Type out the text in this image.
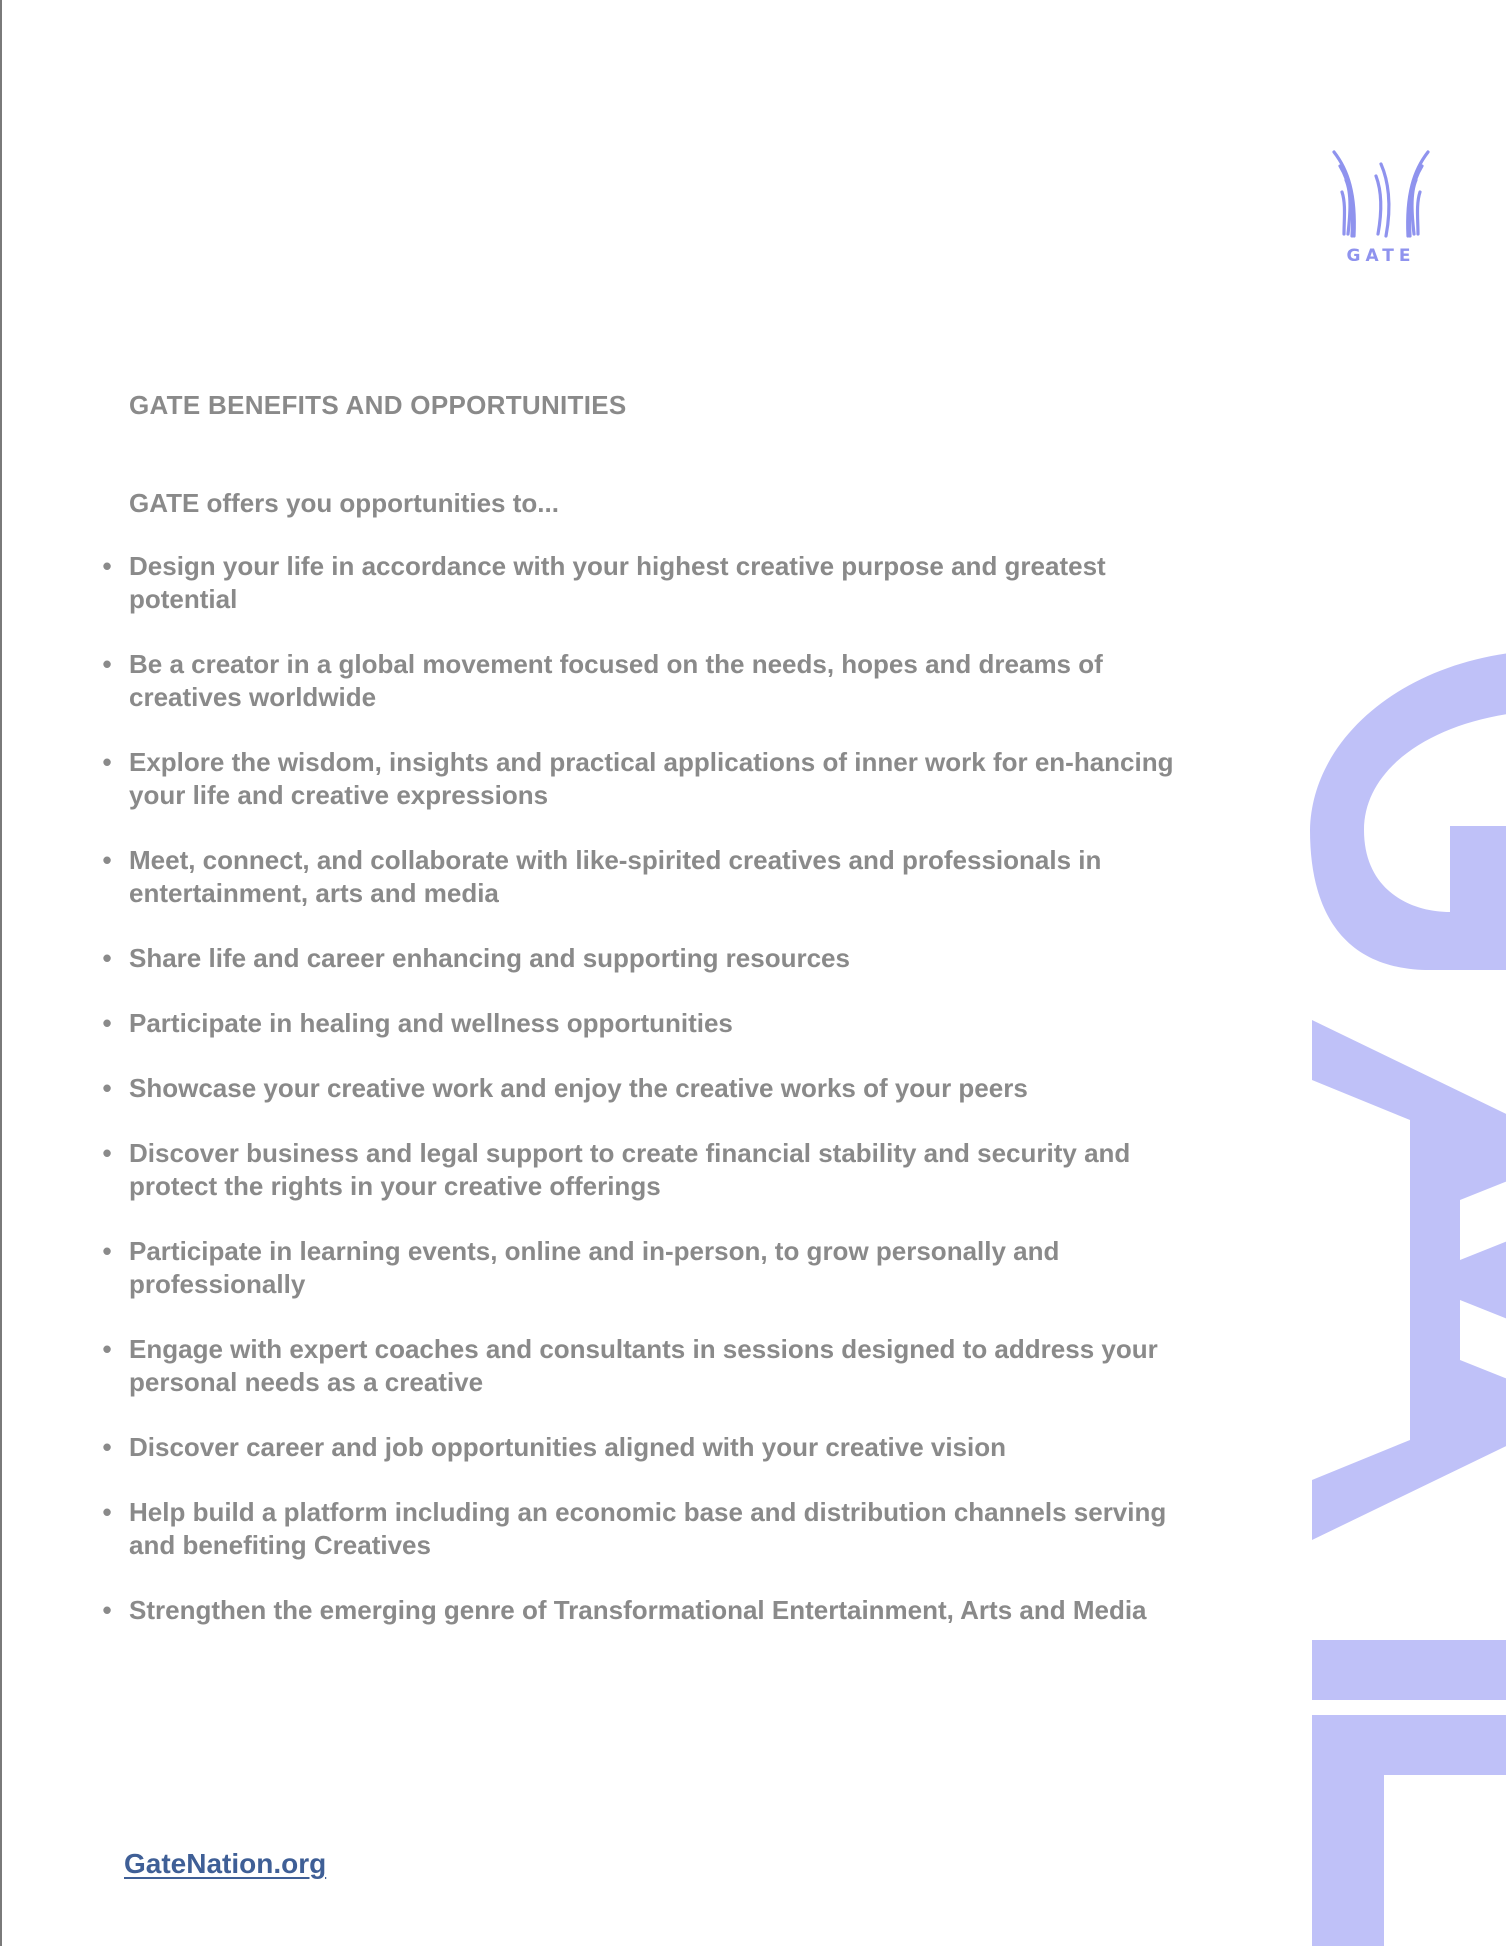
GATE
GATE BENEFITS AND OPPORTUNITIES

GATE offers you opportunities to...

• Design your life in accordance with your highest creative purpose and greatest potential
• Be a creator in a global movement focused on the needs, hopes and dreams of creatives worldwide
• Explore the wisdom, insights and practical applications of inner work for en-hancing your life and creative expressions
• Meet, connect, and collaborate with like-spirited creatives and professionals in entertainment, arts and media
• Share life and career enhancing and supporting resources
• Participate in healing and wellness opportunities
• Showcase your creative work and enjoy the creative works of your peers
• Discover business and legal support to create financial stability and security and protect the rights in your creative offerings
• Participate in learning events, online and in-person, to grow personally and professionally
• Engage with expert coaches and consultants in sessions designed to address your personal needs as a creative
• Discover career and job opportunities aligned with your creative vision
• Help build a platform including an economic base and distribution channels serving and benefiting Creatives
• Strengthen the emerging genre of Transformational Entertainment, Arts and Media
GateNation.org
